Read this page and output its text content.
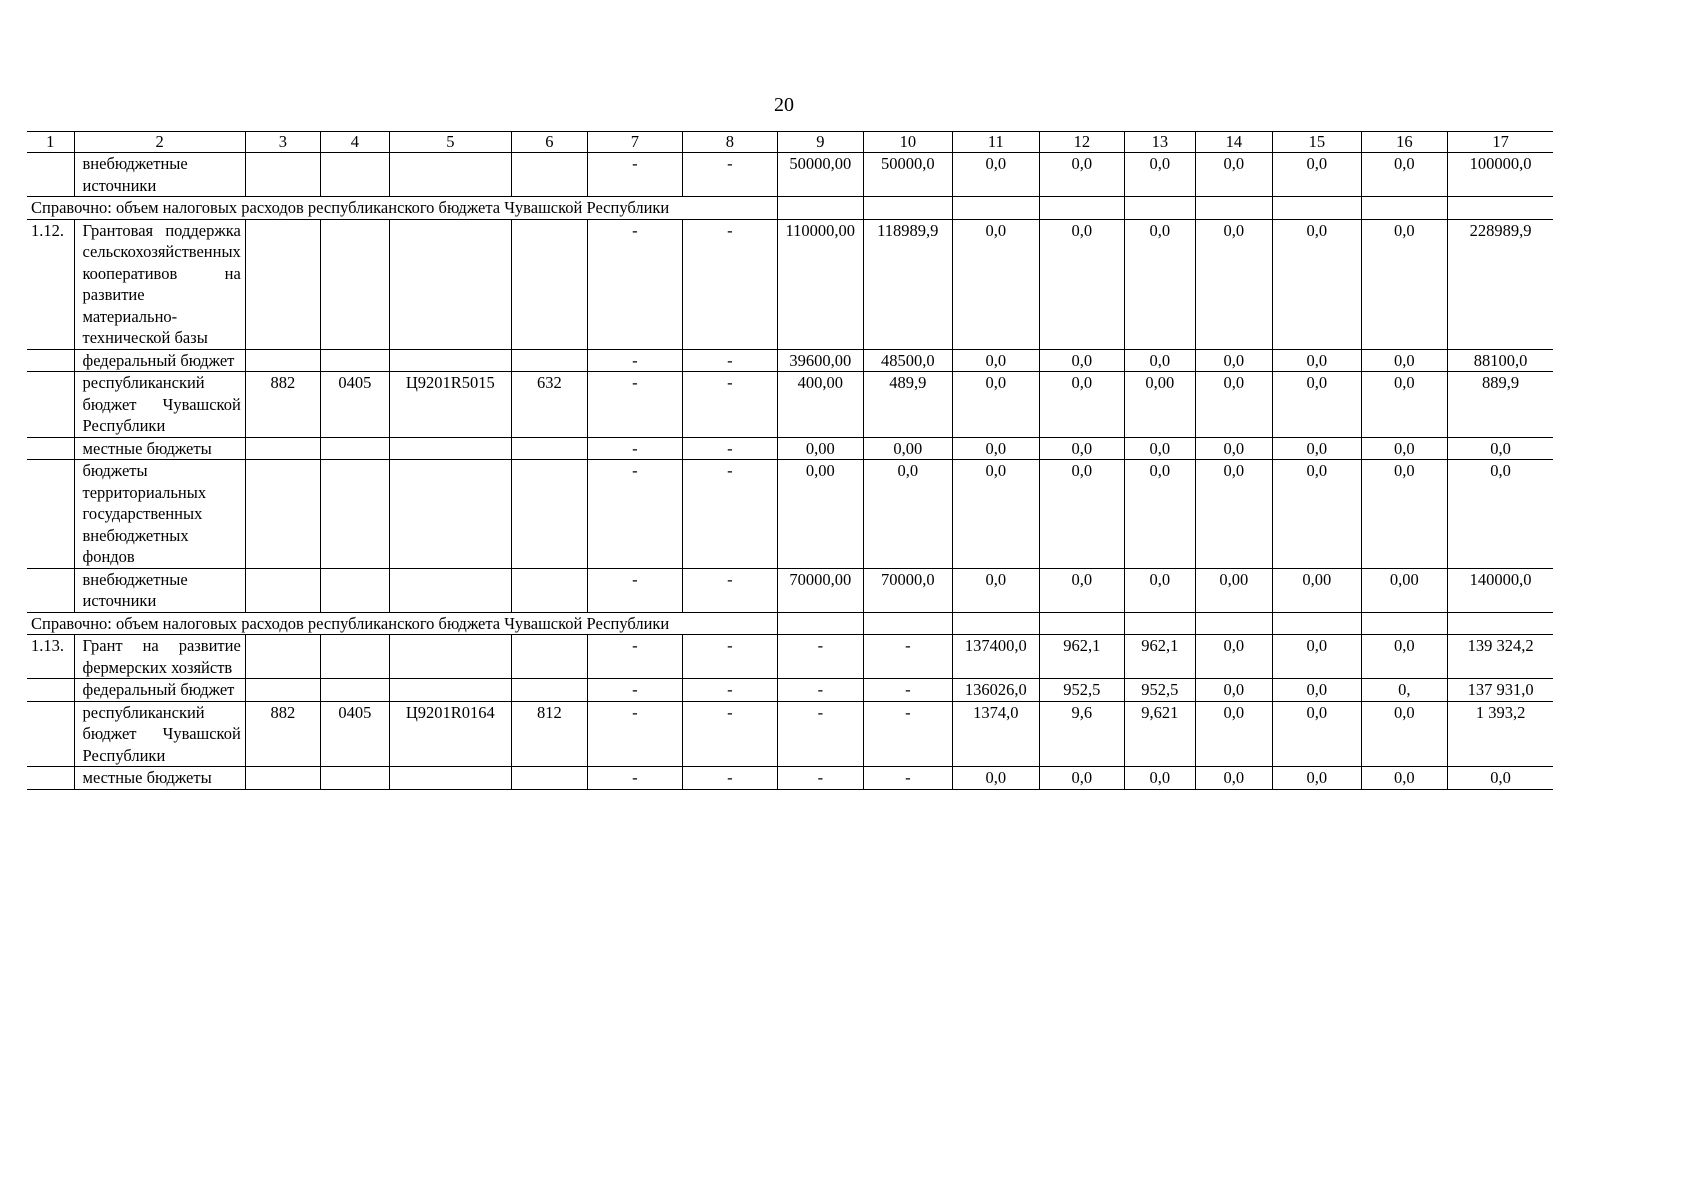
20
1	2	3	4	5	6	7	8	9	10	11	12	13	14	15	16	17
	внебюджетные источники					-	-	50000,00	50000,0	0,0	0,0	0,0	0,0	0,0	0,0	100000,0
Справочно: объем налоговых расходов республиканского бюджета Чувашской Республики																
1.12.	Грантовая поддержка сельскохозяйственных кооперативов на развитие материально-технической базы					-	-	110000,00	118989,9	0,0	0,0	0,0	0,0	0,0	0,0	228989,9
	федеральный бюджет					-	-	39600,00	48500,0	0,0	0,0	0,0	0,0	0,0	0,0	88100,0
	республиканский бюджет Чувашской Республики	882	0405	Ц9201R5015	632	-	-	400,00	489,9	0,0	0,0	0,00	0,0	0,0	0,0	889,9
	местные бюджеты					-	-	0,00	0,00	0,0	0,0	0,0	0,0	0,0	0,0	0,0
	бюджеты территориальных государственных внебюджетных фондов					-	-	0,00	0,0	0,0	0,0	0,0	0,0	0,0	0,0	0,0
	внебюджетные источники					-	-	70000,00	70000,0	0,0	0,0	0,0	0,00	0,00	0,00	140000,0
Справочно: объем налоговых расходов республиканского бюджета Чувашской Республики																
1.13.	Грант на развитие фермерских хозяйств					-	-	-	-	137400,0	962,1	962,1	0,0	0,0	0,0	139 324,2
	федеральный бюджет					-	-	-	-	136026,0	952,5	952,5	0,0	0,0	0,	137 931,0
	республиканский бюджет Чувашской Республики	882	0405	Ц9201R0164	812	-	-	-	-	1374,0	9,6	9,621	0,0	0,0	0,0	1 393,2
	местные бюджеты					-	-	-	-	0,0	0,0	0,0	0,0	0,0	0,0	0,0
